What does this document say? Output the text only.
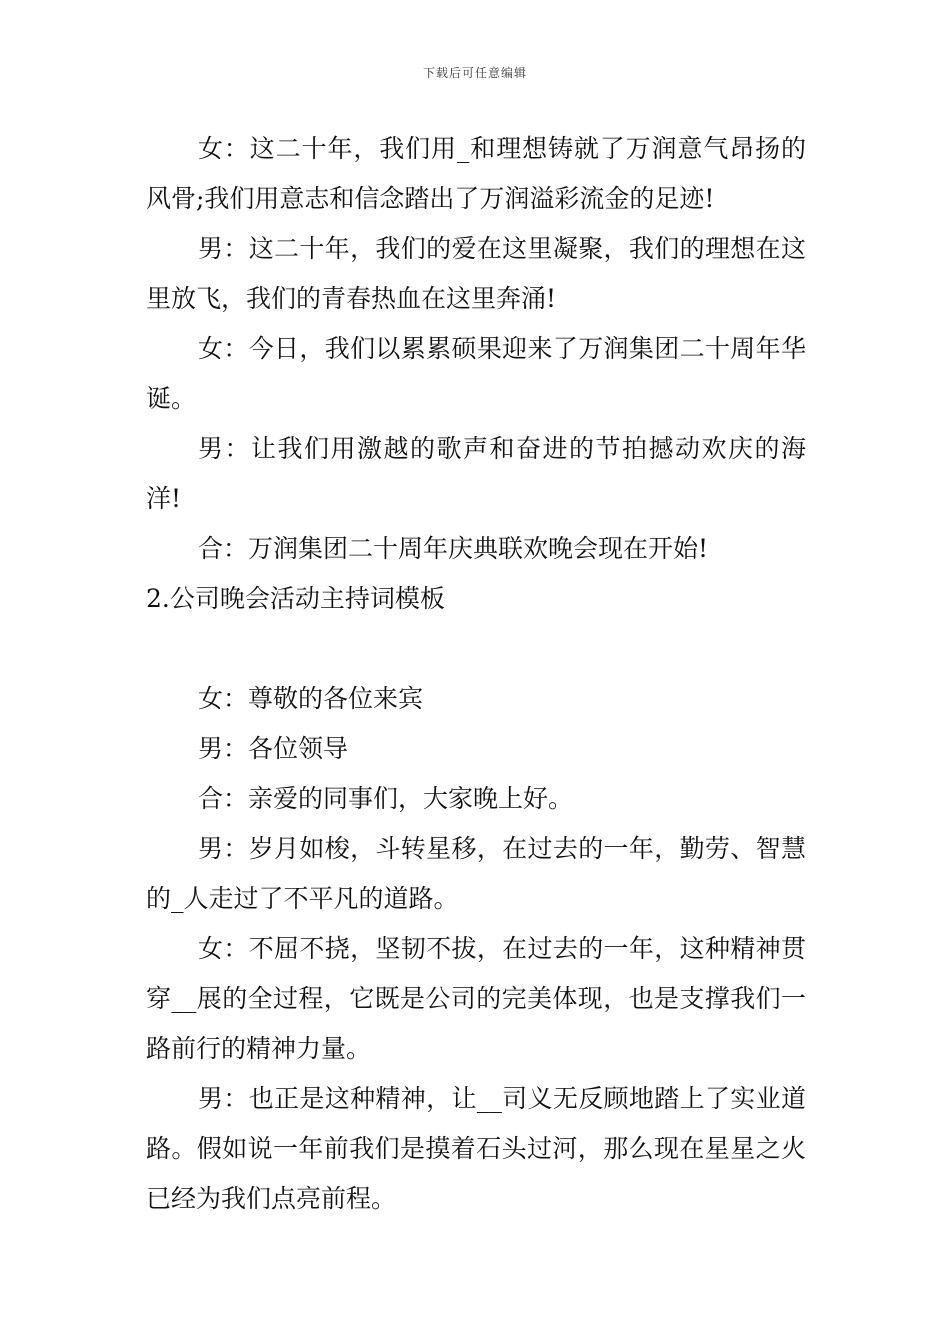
下载后可任意编辑

女：这二十年，我们用_和理想铸就了万润意气昂扬的风骨;我们用意志和信念踏出了万润溢彩流金的足迹!

男：这二十年，我们的爱在这里凝聚，我们的理想在这里放飞，我们的青春热血在这里奔涌!

女：今日，我们以累累硕果迎来了万润集团二十周年华诞。

男：让我们用激越的歌声和奋进的节拍撼动欢庆的海洋!

合：万润集团二十周年庆典联欢晚会现在开始!

2.公司晚会活动主持词模板

女：尊敬的各位来宾

男：各位领导

合：亲爱的同事们，大家晚上好。

男：岁月如梭，斗转星移，在过去的一年，勤劳、智慧的_人走过了不平凡的道路。

女：不屈不挠，坚韧不拔，在过去的一年，这种精神贯穿__展的全过程，它既是公司的完美体现，也是支撑我们一路前行的精神力量。

男：也正是这种精神，让__司义无反顾地踏上了实业道路。假如说一年前我们是摸着石头过河，那么现在星星之火已经为我们点亮前程。
